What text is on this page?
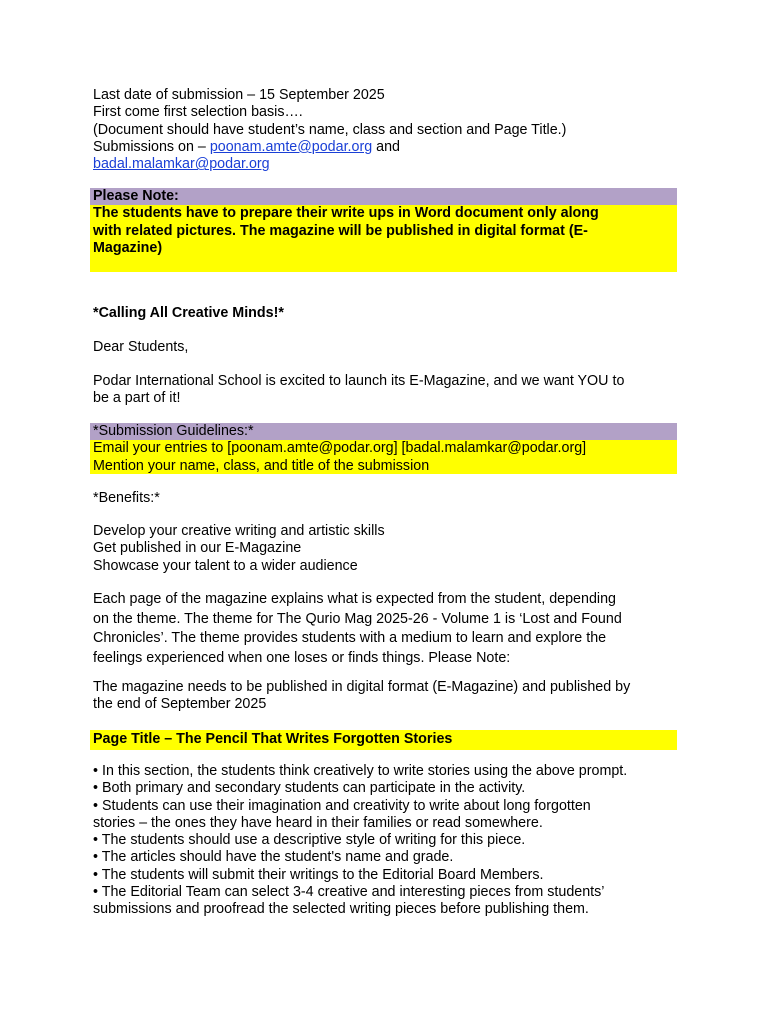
Last date of submission – 15 September 2025
First come first selection basis….
(Document should have student’s name, class and section and Page Title.)
Submissions on – poonam.amte@podar.org and
badal.malamkar@podar.org
Please Note:
The students have to prepare their write ups in Word document only along
with related pictures. The magazine will be published in digital format (E-
Magazine)
*Calling All Creative Minds!*
Dear Students,
Podar International School is excited to launch its E-Magazine, and we want YOU to
be a part of it!
*Submission Guidelines:*
Email your entries to [poonam.amte@podar.org] [badal.malamkar@podar.org]
Mention your name, class, and title of the submission
*Benefits:*
Develop your creative writing and artistic skills
Get published in our E-Magazine
Showcase your talent to a wider audience
Each page of the magazine explains what is expected from the student, depending
on the theme. The theme for The Qurio Mag 2025-26 - Volume 1 is ‘Lost and Found
Chronicles’. The theme provides students with a medium to learn and explore the
feelings experienced when one loses or finds things. Please Note:
The magazine needs to be published in digital format (E-Magazine) and published by
the end of September 2025
Page Title – The Pencil That Writes Forgotten Stories
• In this section, the students think creatively to write stories using the above prompt.
• Both primary and secondary students can participate in the activity.
• Students can use their imagination and creativity to write about long forgotten
stories – the ones they have heard in their families or read somewhere.
• The students should use a descriptive style of writing for this piece.
• The articles should have the student's name and grade.
• The students will submit their writings to the Editorial Board Members.
• The Editorial Team can select 3-4 creative and interesting pieces from students’
submissions and proofread the selected writing pieces before publishing them.
